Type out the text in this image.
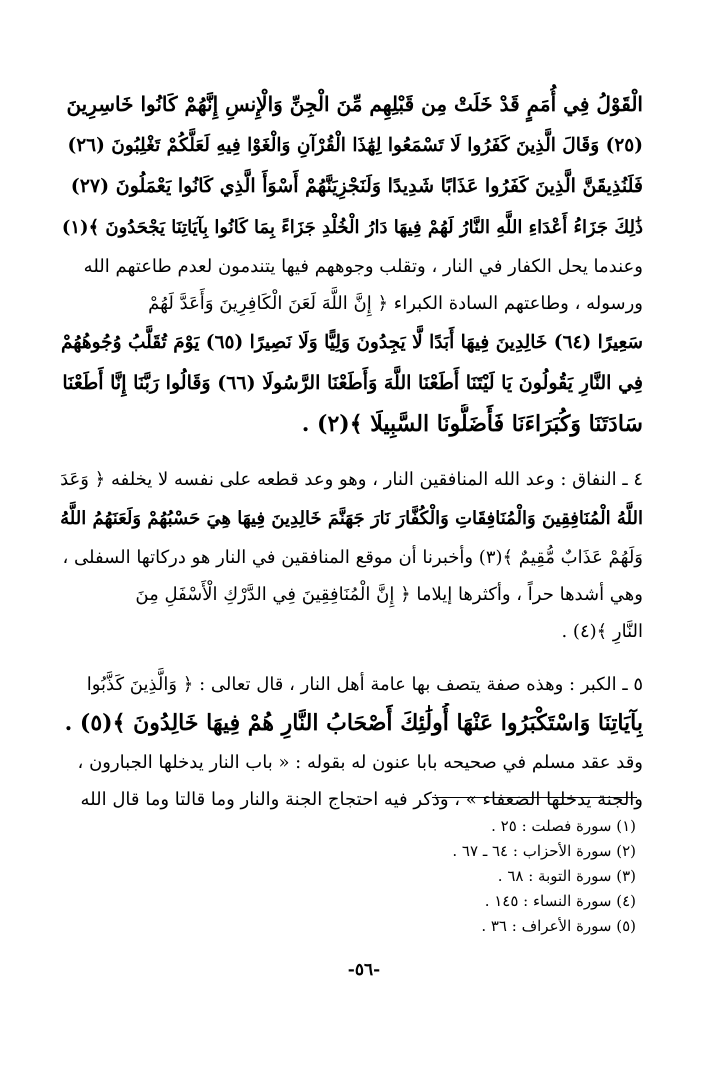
الْقَوْلُ فِي أُمَمٍ قَدْ خَلَتْ مِن قَبْلِهِم مِّنَ الْجِنِّ وَالْإِنسِ إِنَّهُمْ كَانُوا خَاسِرِينَ
(٢٥) وَقَالَ الَّذِينَ كَفَرُوا لَا تَسْمَعُوا لِهَٰذَا الْقُرْآنِ وَالْغَوْا فِيهِ لَعَلَّكُمْ تَغْلِبُونَ (٢٦)
فَلَنُذِيقَنَّ الَّذِينَ كَفَرُوا عَذَابًا شَدِيدًا وَلَنَجْزِيَنَّهُمْ أَسْوَأَ الَّذِي كَانُوا يَعْمَلُونَ (٢٧)
ذَٰلِكَ جَزَاءُ أَعْدَاءِ اللَّهِ النَّارُ لَهُمْ فِيهَا دَارُ الْخُلْدِ جَزَاءً بِمَا كَانُوا بِآيَاتِنَا يَجْحَدُونَ ﴾(١)
وعندما يحل الكفار في النار ، وتقلب وجوههم فيها يتندمون لعدم طاعتهم الله
ورسوله ، وطاعتهم السادة الكبراء ﴿ إِنَّ اللَّهَ لَعَنَ الْكَافِرِينَ وَأَعَدَّ لَهُمْ
سَعِيرًا (٦٤) خَالِدِينَ فِيهَا أَبَدًا لَّا يَجِدُونَ وَلِيًّا وَلَا نَصِيرًا (٦٥) يَوْمَ تُقَلَّبُ وُجُوهُهُمْ
فِي النَّارِ يَقُولُونَ يَا لَيْتَنَا أَطَعْنَا اللَّهَ وَأَطَعْنَا الرَّسُولَا (٦٦) وَقَالُوا رَبَّنَا إِنَّا أَطَعْنَا
سَادَتَنَا وَكُبَرَاءَنَا فَأَضَلُّونَا السَّبِيلَا ﴾(٢) .
٤ ـ النفاق : وعد الله المنافقين النار ، وهو وعد قطعه على نفسه لا يخلفه ﴿ وَعَدَ
اللَّهُ الْمُنَافِقِينَ وَالْمُنَافِقَاتِ وَالْكُفَّارَ نَارَ جَهَنَّمَ خَالِدِينَ فِيهَا هِيَ حَسْبُهُمْ وَلَعَنَهُمُ اللَّهُ
وَلَهُمْ عَذَابٌ مُّقِيمٌ ﴾(٣) وأخبرنا أن موقع المنافقين في النار هو دركاتها السفلى ،
وهي أشدها حراً ، وأكثرها إيلاما ﴿ إِنَّ الْمُنَافِقِينَ فِي الدَّرْكِ الْأَسْفَلِ مِنَ
النَّارِ ﴾(٤) .
٥ ـ الكبر : وهذه صفة يتصف بها عامة أهل النار ، قال تعالى : ﴿ وَالَّذِينَ كَذَّبُوا
بِآيَاتِنَا وَاسْتَكْبَرُوا عَنْهَا أُولَٰئِكَ أَصْحَابُ النَّارِ هُمْ فِيهَا خَالِدُونَ ﴾(٥) .
وقد عقد مسلم في صحيحه بابا عنون له بقوله : « باب النار يدخلها الجبارون ،
والجنة يدخلها الضعفاء » ، وذكر فيه احتجاج الجنة والنار وما قالتا وما قال الله
(١) سورة فصلت : ٢٥ .
(٢) سورة الأحزاب : ٦٤ ـ ٦٧ .
(٣) سورة التوبة : ٦٨ .
(٤) سورة النساء : ١٤٥ .
(٥) سورة الأعراف : ٣٦ .
-٥٦-
